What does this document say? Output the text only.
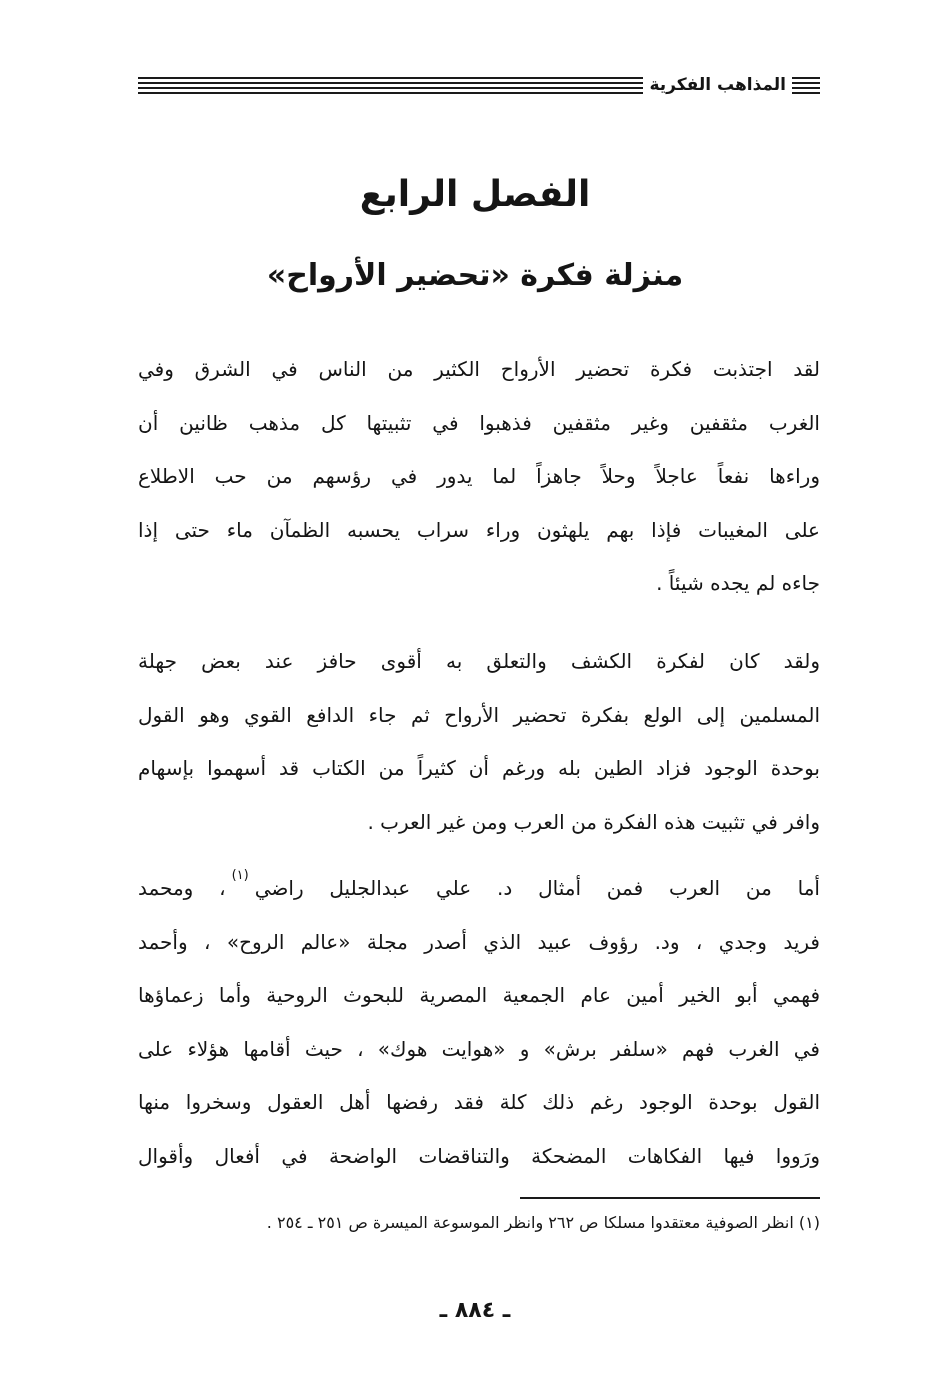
المذاهب الفكرية
الفصل الرابع
منزلة فكرة «تحضير الأرواح»
لقد اجتذبت فكرة تحضير الأرواح الكثير من الناس في الشرق وفي
الغرب مثقفين وغير مثقفين فذهبوا في تثبيتها كل مذهب ظانين أن
وراءها نفعاً عاجلاً وحلاً جاهزاً لما يدور في رؤسهم من حب الاطلاع
على المغيبات فإذا بهم يلهثون وراء سراب يحسبه الظمآن ماء حتى إذا
جاءه لم يجده شيئاً .
ولقد كان لفكرة الكشف والتعلق به أقوى حافز عند بعض جهلة
المسلمين إلى الولع بفكرة تحضير الأرواح ثم جاء الدافع القوي وهو القول
بوحدة الوجود فزاد الطين بله ورغم أن كثيراً من الكتاب قد أسهموا بإسهام
وافر في تثبيت هذه الفكرة من العرب ومن غير العرب .
أما من العرب فمن أمثال د. علي عبدالجليل راضي$^{(١)}$، ومحمد
فريد وجدي ، ود. رؤوف عبيد الذي أصدر مجلة «عالم الروح» ، وأحمد
فهمي أبو الخير أمين عام الجمعية المصرية للبحوث الروحية وأما زعماؤها
في الغرب فهم «سلفر برش» و «هوايت هوك» ، حيث أقامها هؤلاء على
القول بوحدة الوجود رغم ذلك كلة فقد رفضها أهل العقول وسخروا منها
ورَووا فيها الفكاهات المضحكة والتناقضات الواضحة في أفعال وأقوال
(١) انظر الصوفية معتقدوا مسلكا ص ٢٦٢ وانظر الموسوعة الميسرة ص ٢٥١ ـ ٢٥٤ .
ـ ٨٨٤ ـ
